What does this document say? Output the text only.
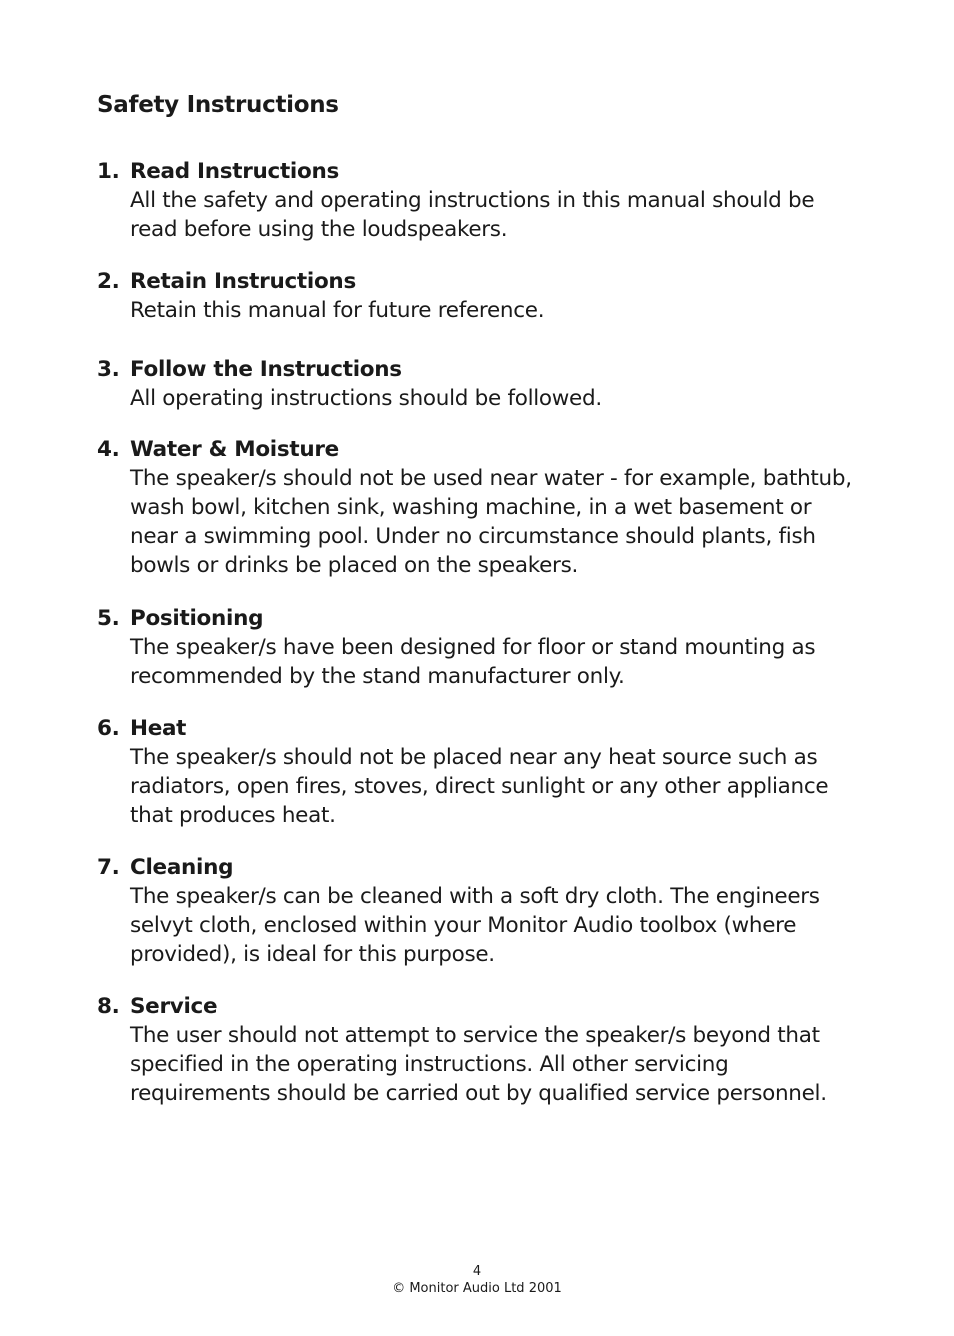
Safety Instructions
1. Read Instructions
All the safety and operating instructions in this manual should be
read before using the loudspeakers.
2. Retain Instructions
Retain this manual for future reference.
3. Follow the Instructions
All operating instructions should be followed.
4. Water & Moisture
The speaker/s should not be used near water - for example, bathtub,
wash bowl, kitchen sink, washing machine, in a wet basement or
near a swimming pool. Under no circumstance should plants, fish
bowls or drinks be placed on the speakers.
5. Positioning
The speaker/s have been designed for floor or stand mounting as
recommended by the stand manufacturer only.
6. Heat
The speaker/s should not be placed near any heat source such as
radiators, open fires, stoves, direct sunlight or any other appliance
that produces heat.
7. Cleaning
The speaker/s can be cleaned with a soft dry cloth. The engineers
selvyt cloth, enclosed within your Monitor Audio toolbox (where
provided), is ideal for this purpose.
8. Service
The user should not attempt to service the speaker/s beyond that
specified in the operating instructions. All other servicing
requirements should be carried out by qualified service personnel.
4
© Monitor Audio Ltd 2001
